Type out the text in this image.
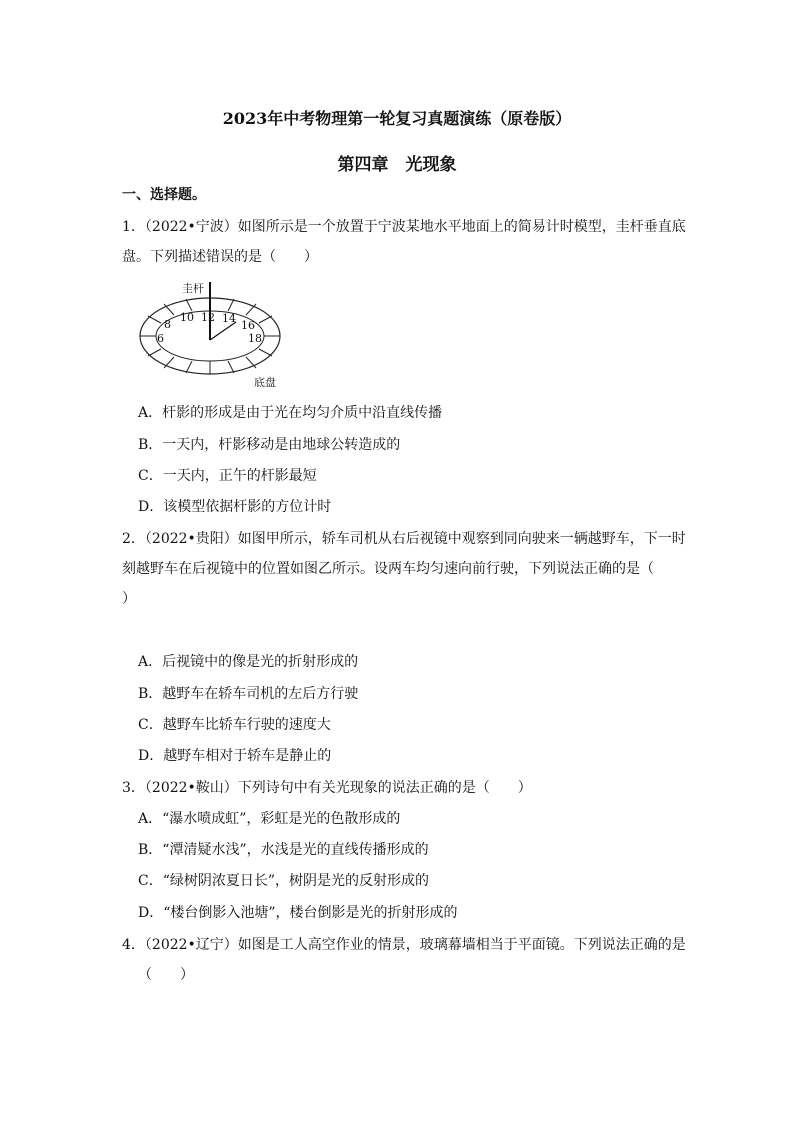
2023年中考物理第一轮复习真题演练（原卷版）
第四章　光现象
一、选择题。
1．（2022•宁波）如图所示是一个放置于宁波某地水平地面上的简易计时模型，圭杆垂直底
盘。下列描述错误的是（　　）
圭杆
底盘
6
8
10 12 14
16
18
A．杆影的形成是由于光在均匀介质中沿直线传播
B．一天内，杆影移动是由地球公转造成的
C．一天内，正午的杆影最短
D．该模型依据杆影的方位计时
2．（2022•贵阳）如图甲所示，轿车司机从右后视镜中观察到同向驶来一辆越野车，下一时
刻越野车在后视镜中的位置如图乙所示。设两车均匀速向前行驶，下列说法正确的是（
）
A．后视镜中的像是光的折射形成的
B．越野车在轿车司机的左后方行驶
C．越野车比轿车行驶的速度大
D．越野车相对于轿车是静止的
3．（2022•鞍山）下列诗句中有关光现象的说法正确的是（　　）
A．“瀑水喷成虹”，彩虹是光的色散形成的
B．“潭清疑水浅”，水浅是光的直线传播形成的
C．“绿树阴浓夏日长”，树阴是光的反射形成的
D．“楼台倒影入池塘”，楼台倒影是光的折射形成的
4．（2022•辽宁）如图是工人高空作业的情景，玻璃幕墙相当于平面镜。下列说法正确的是
（　　）
